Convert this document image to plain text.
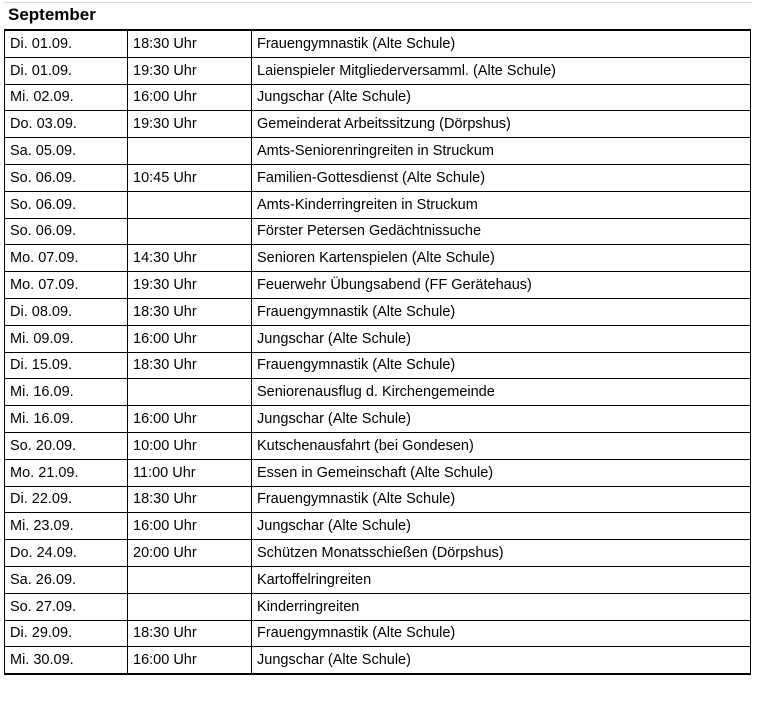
September
Di. 01.09.	18:30 Uhr	Frauengymnastik (Alte Schule)
Di. 01.09.	19:30 Uhr	Laienspieler Mitgliederversamml. (Alte Schule)
Mi. 02.09.	16:00 Uhr	Jungschar (Alte Schule)
Do. 03.09.	19:30 Uhr	Gemeinderat Arbeitssitzung (Dörpshus)
Sa. 05.09.		Amts-Seniorenringreiten in Struckum
So. 06.09.	10:45 Uhr	Familien-Gottesdienst (Alte Schule)
So. 06.09.		Amts-Kinderringreiten in Struckum
So. 06.09.		Förster Petersen Gedächtnissuche
Mo. 07.09.	14:30 Uhr	Senioren Kartenspielen (Alte Schule)
Mo. 07.09.	19:30 Uhr	Feuerwehr Übungsabend (FF Gerätehaus)
Di. 08.09.	18:30 Uhr	Frauengymnastik (Alte Schule)
Mi. 09.09.	16:00 Uhr	Jungschar (Alte Schule)
Di. 15.09.	18:30 Uhr	Frauengymnastik (Alte Schule)
Mi. 16.09.		Seniorenausflug d. Kirchengemeinde
Mi. 16.09.	16:00 Uhr	Jungschar (Alte Schule)
So. 20.09.	10:00 Uhr	Kutschenausfahrt (bei Gondesen)
Mo. 21.09.	11:00 Uhr	Essen in Gemeinschaft (Alte Schule)
Di. 22.09.	18:30 Uhr	Frauengymnastik (Alte Schule)
Mi. 23.09.	16:00 Uhr	Jungschar (Alte Schule)
Do. 24.09.	20:00 Uhr	Schützen Monatsschießen (Dörpshus)
Sa. 26.09.		Kartoffelringreiten
So. 27.09.		Kinderringreiten
Di. 29.09.	18:30 Uhr	Frauengymnastik (Alte Schule)
Mi. 30.09.	16:00 Uhr	Jungschar (Alte Schule)
